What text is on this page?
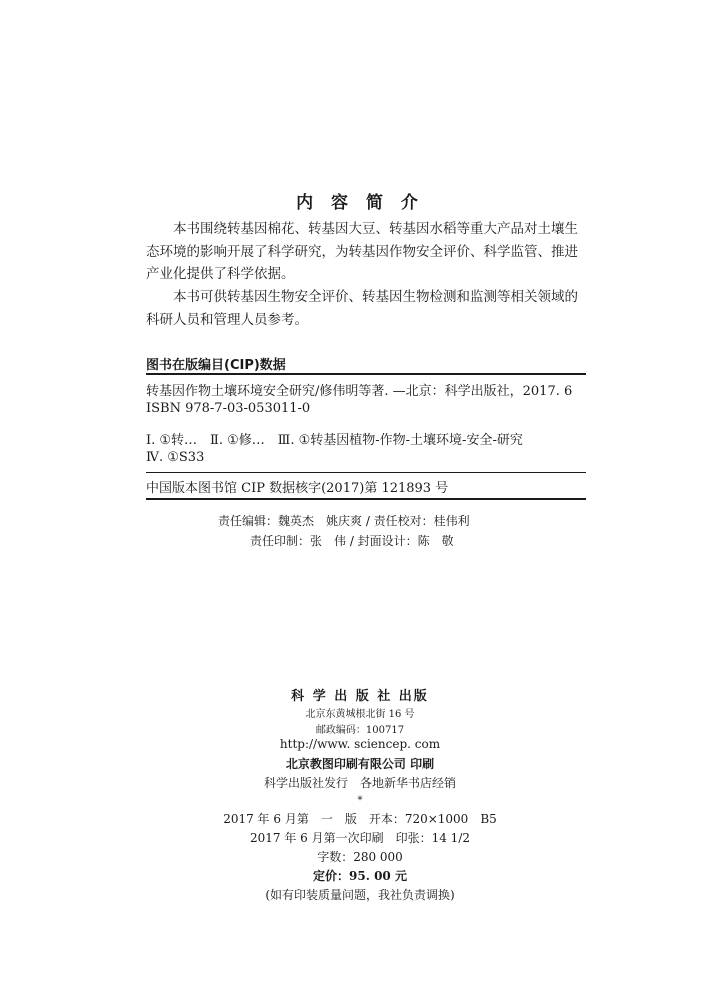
内 容 简 介

本书围绕转基因棉花、转基因大豆、转基因水稻等重大产品对土壤生态环境的影响开展了科学研究，为转基因作物安全评价、科学监管、推进产业化提供了科学依据。

本书可供转基因生物安全评价、转基因生物检测和监测等相关领域的科研人员和管理人员参考。

图书在版编目(CIP)数据
转基因作物土壤环境安全研究/修伟明等著. —北京：科学出版社，2017. 6
ISBN 978-7-03-053011-0
Ⅰ. ①转…　Ⅱ. ①修…　Ⅲ. ①转基因植物-作物-土壤环境-安全-研究
Ⅳ. ①S33
中国版本图书馆 CIP 数据核字(2017)第 121893 号
责任编辑：魏英杰　姚庆爽 / 责任校对：桂伟利
责任印制：张　伟 / 封面设计：陈　敬
科 学 出 版 社 出版
北京东黄城根北街 16 号
邮政编码：100717
http://www. sciencep. com
北京教图印刷有限公司 印刷
科学出版社发行　各地新华书店经销
*
2017 年 6 月第　一　版　开本：720×1000　B5
2017 年 6 月第一次印刷　印张：14 1/2
字数：280 000
定价：95. 00 元
(如有印装质量问题，我社负责调换)
